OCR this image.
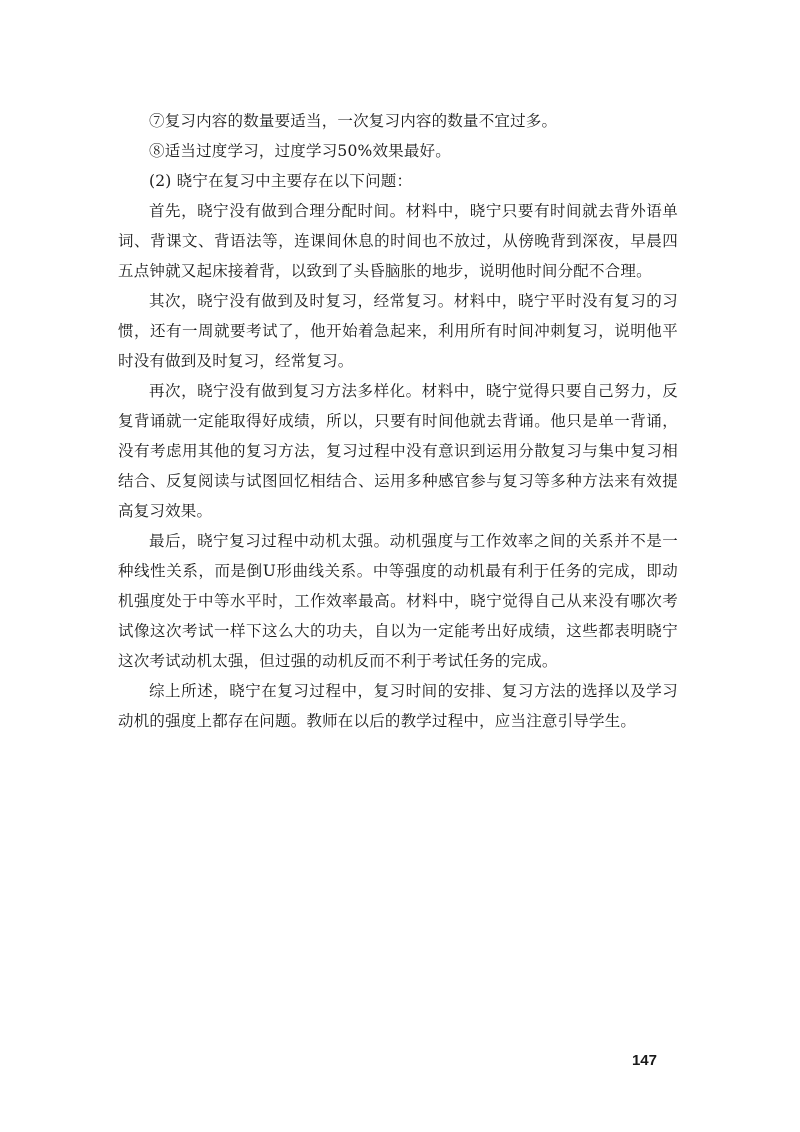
⑦复习内容的数量要适当，一次复习内容的数量不宜过多。

⑧适当过度学习，过度学习50%效果最好。

(2) 晓宁在复习中主要存在以下问题：

首先，晓宁没有做到合理分配时间。材料中，晓宁只要有时间就去背外语单词、背课文、背语法等，连课间休息的时间也不放过，从傍晚背到深夜，早晨四五点钟就又起床接着背，以致到了头昏脑胀的地步，说明他时间分配不合理。

其次，晓宁没有做到及时复习，经常复习。材料中，晓宁平时没有复习的习惯，还有一周就要考试了，他开始着急起来，利用所有时间冲刺复习，说明他平时没有做到及时复习，经常复习。

再次，晓宁没有做到复习方法多样化。材料中，晓宁觉得只要自己努力，反复背诵就一定能取得好成绩，所以，只要有时间他就去背诵。他只是单一背诵，没有考虑用其他的复习方法，复习过程中没有意识到运用分散复习与集中复习相结合、反复阅读与试图回忆相结合、运用多种感官参与复习等多种方法来有效提高复习效果。

最后，晓宁复习过程中动机太强。动机强度与工作效率之间的关系并不是一种线性关系，而是倒U形曲线关系。中等强度的动机最有利于任务的完成，即动机强度处于中等水平时，工作效率最高。材料中，晓宁觉得自己从来没有哪次考试像这次考试一样下这么大的功夫，自以为一定能考出好成绩，这些都表明晓宁这次考试动机太强，但过强的动机反而不利于考试任务的完成。

综上所述，晓宁在复习过程中，复习时间的安排、复习方法的选择以及学习动机的强度上都存在问题。教师在以后的教学过程中，应当注意引导学生。

147
